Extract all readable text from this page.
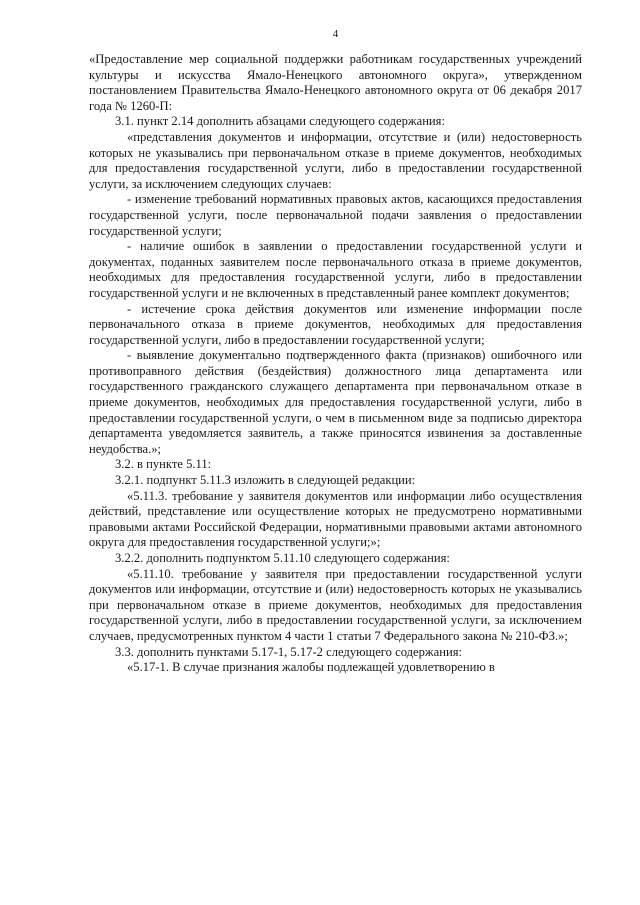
4

«Предоставление мер социальной поддержки работникам государственных учреждений культуры и искусства Ямало-Ненецкого автономного округа», утвержденном постановлением Правительства Ямало-Ненецкого автономного округа от 06 декабря 2017 года № 1260-П:

3.1. пункт 2.14 дополнить абзацами следующего содержания:

«представления документов и информации, отсутствие и (или) недостоверность которых не указывались при первоначальном отказе в приеме документов, необходимых для предоставления государственной услуги, либо в предоставлении государственной услуги, за исключением следующих случаев:

- изменение требований нормативных правовых актов, касающихся предоставления государственной услуги, после первоначальной подачи заявления о предоставлении государственной услуги;

- наличие ошибок в заявлении о предоставлении государственной услуги и документах, поданных заявителем после первоначального отказа в приеме документов, необходимых для предоставления государственной услуги, либо в предоставлении государственной услуги и не включенных в представленный ранее комплект документов;

- истечение срока действия документов или изменение информации после первоначального отказа в приеме документов, необходимых для предоставления государственной услуги, либо в предоставлении государственной услуги;

- выявление документально подтвержденного факта (признаков) ошибочного или противоправного действия (бездействия) должностного лица департамента или государственного гражданского служащего департамента при первоначальном отказе в приеме документов, необходимых для предоставления государственной услуги, либо в предоставлении государственной услуги, о чем в письменном виде за подписью директора департамента уведомляется заявитель, а также приносятся извинения за доставленные неудобства.»;

3.2. в пункте 5.11:

3.2.1. подпункт 5.11.3 изложить в следующей редакции:

«5.11.3. требование у заявителя документов или информации либо осуществления действий, представление или осуществление которых не предусмотрено нормативными правовыми актами Российской Федерации, нормативными правовыми актами автономного округа для предоставления государственной услуги;»;

3.2.2. дополнить подпунктом 5.11.10 следующего содержания:

«5.11.10. требование у заявителя при предоставлении государственной услуги документов или информации, отсутствие и (или) недостоверность которых не указывались при первоначальном отказе в приеме документов, необходимых для предоставления государственной услуги, либо в предоставлении государственной услуги, за исключением случаев, предусмотренных пунктом 4 части 1 статьи 7 Федерального закона № 210-ФЗ.»;

3.3. дополнить пунктами 5.17-1, 5.17-2 следующего содержания:

«5.17-1. В случае признания жалобы подлежащей удовлетворению в
